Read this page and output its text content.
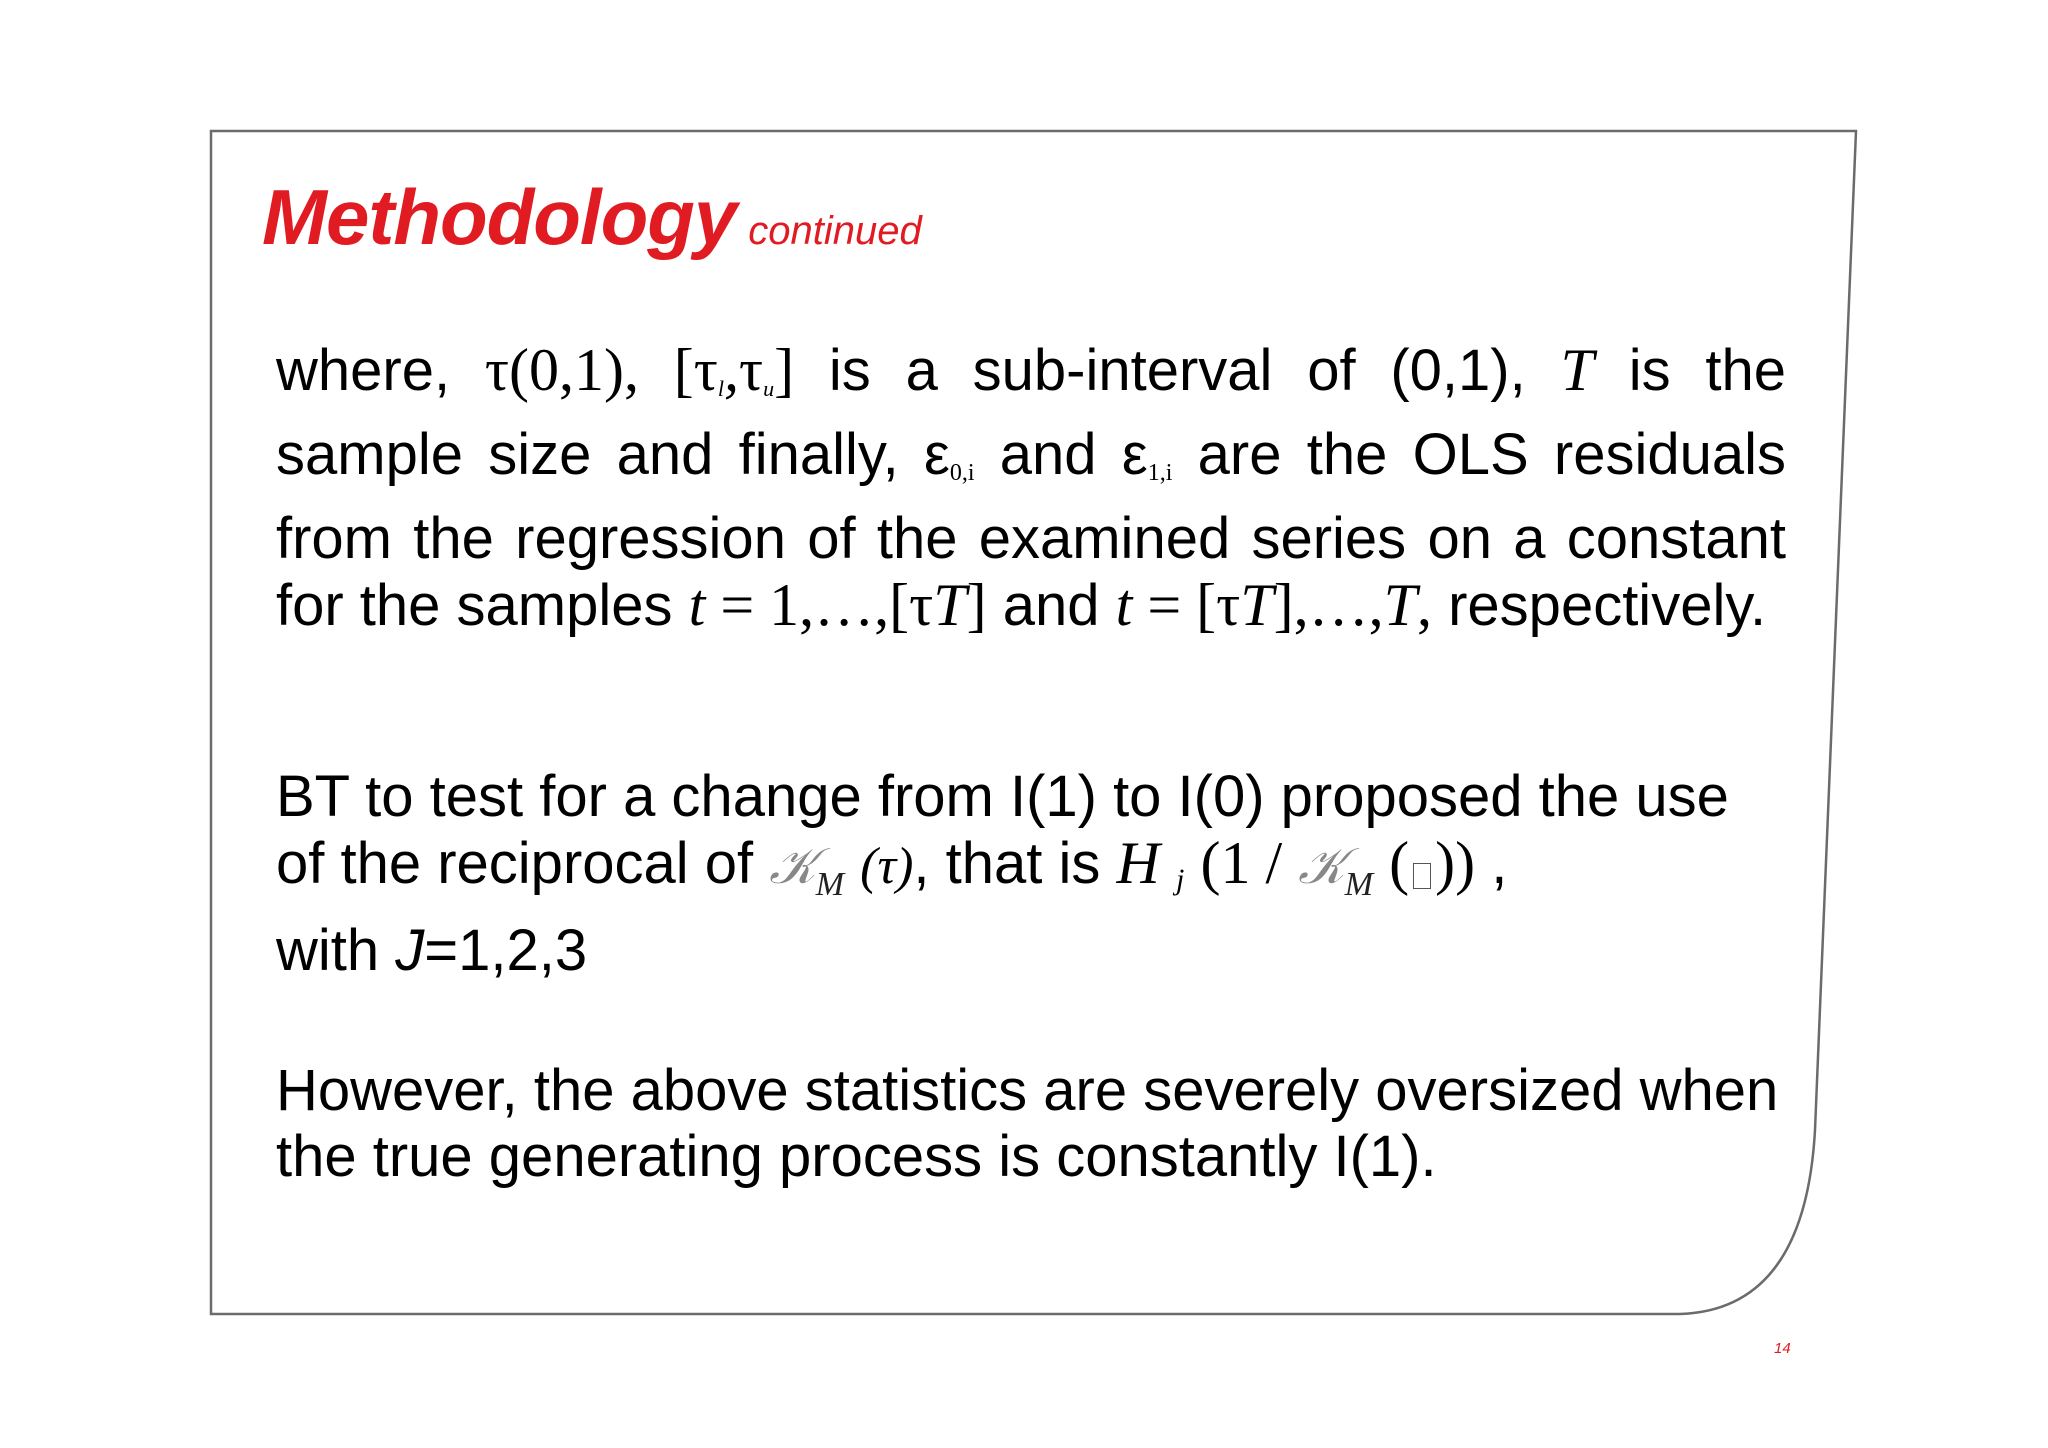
Methodology continued
where, τ(0,1), [τl,τu] is a sub-interval of (0,1), T is the sample size and finally, $\varepsilon_{0,i}$ and $\varepsilon_{1,i}$ are the OLS residuals from the regression of the examined series on a constant for the samples t = 1,…,[τT] and t = [τT],…,T, respectively.
BT to test for a change from I(1) to I(0) proposed the use of the reciprocal of 𝒦$_M$ (τ), that is H j (1 / 𝒦$_M$ ( )) ,
with J=1,2,3
However, the above statistics are severely oversized when the true generating process is constantly I(1).
14
